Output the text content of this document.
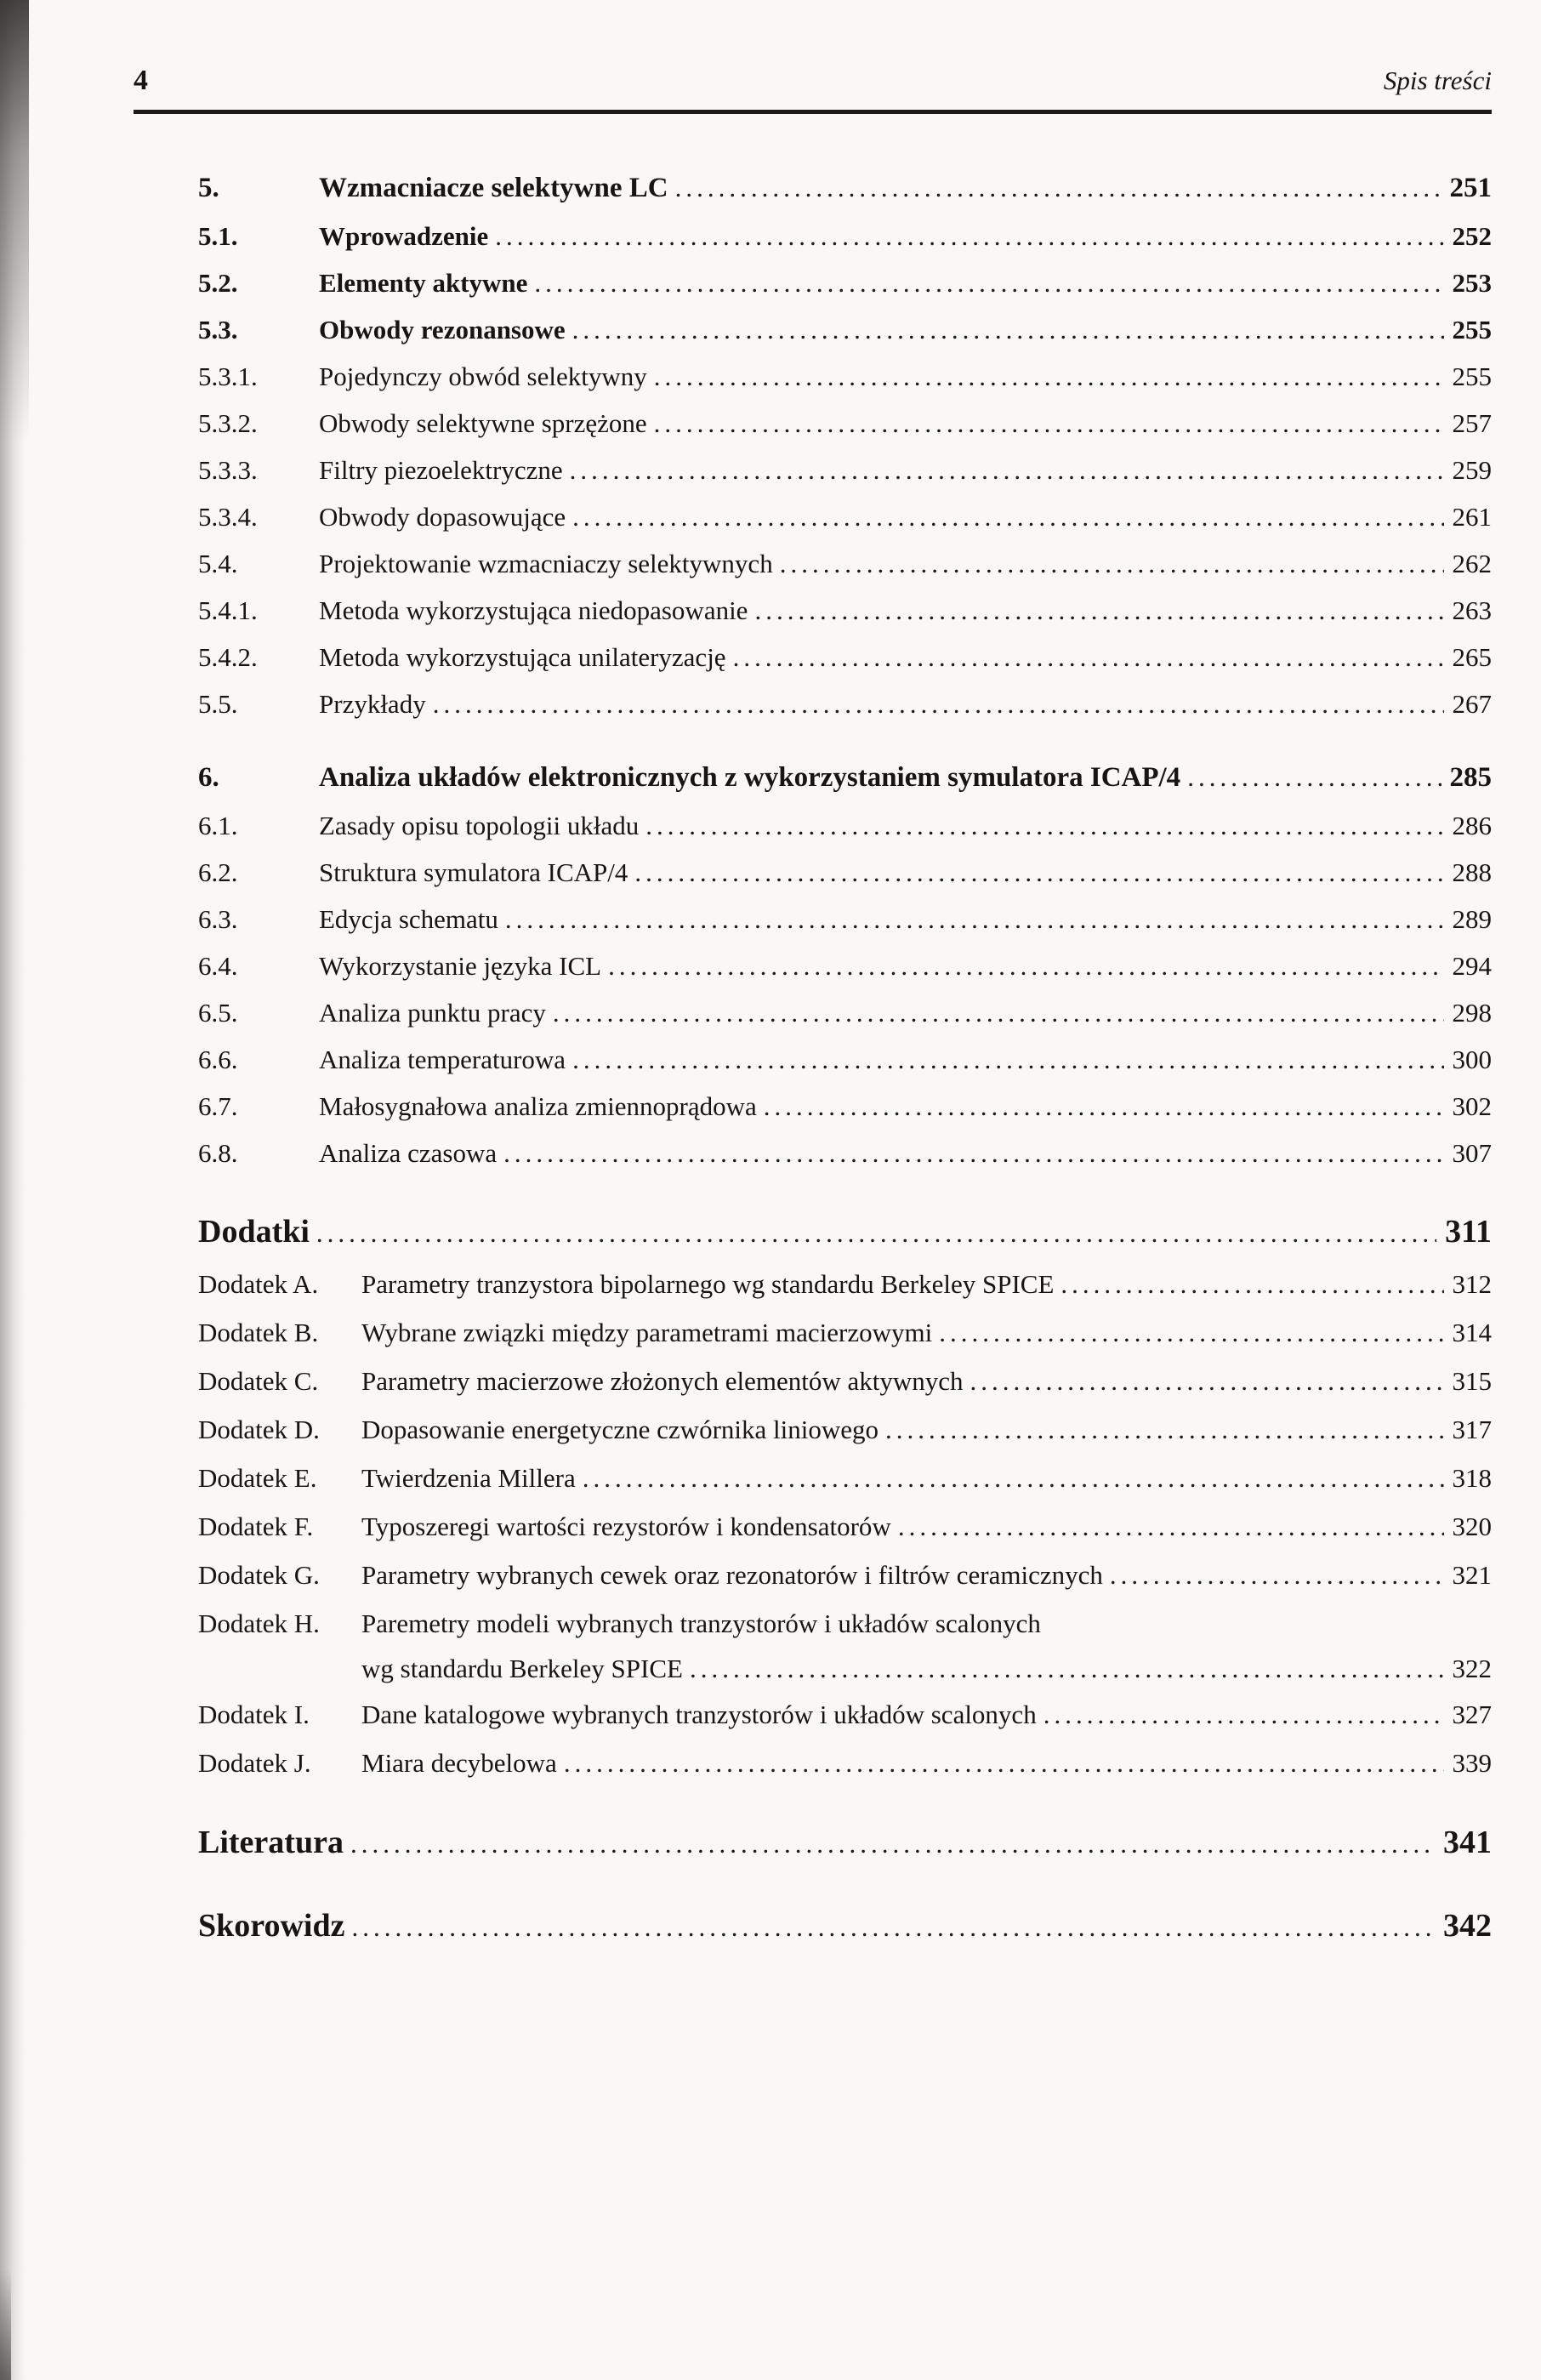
4	Spis treści
5.	Wzmacniacze selektywne LC .....	251
5.1.	Wprowadzenie .....	252
5.2.	Elementy aktywne .....	253
5.3.	Obwody rezonansowe .....	255
5.3.1.	Pojedynczy obwód selektywny .....	255
5.3.2.	Obwody selektywne sprzężone .....	257
5.3.3.	Filtry piezoelektryczne .....	259
5.3.4.	Obwody dopasowujące .....	261
5.4.	Projektowanie wzmacniaczy selektywnych .....	262
5.4.1.	Metoda wykorzystująca niedopasowanie .....	263
5.4.2.	Metoda wykorzystująca unilateryzację .....	265
5.5.	Przykłady .....	267
6.	Analiza układów elektronicznych z wykorzystaniem symulatora ICAP/4 .....	285
6.1.	Zasady opisu topologii układu .....	286
6.2.	Struktura symulatora ICAP/4 .....	288
6.3.	Edycja schematu .....	289
6.4.	Wykorzystanie języka ICL .....	294
6.5.	Analiza punktu pracy .....	298
6.6.	Analiza temperaturowa .....	300
6.7.	Małosygnałowa analiza zmiennoprądowa .....	302
6.8.	Analiza czasowa .....	307
Dodatki .....	311
Dodatek A.	Parametry tranzystora bipolarnego wg standardu Berkeley SPICE .....	312
Dodatek B.	Wybrane związki między parametrami macierzowymi .....	314
Dodatek C.	Parametry macierzowe złożonych elementów aktywnych .....	315
Dodatek D.	Dopasowanie energetyczne czwórnika liniowego .....	317
Dodatek E.	Twierdzenia Millera .....	318
Dodatek F.	Typoszeregi wartości rezystorów i kondensatorów .....	320
Dodatek G.	Parametry wybranych cewek oraz rezonatorów i filtrów ceramicznych .....	321
Dodatek H.	Paremetry modeli wybranych tranzystorów i układów scalonych
wg standardu Berkeley SPICE .....	322
Dodatek I.	Dane katalogowe wybranych tranzystorów i układów scalonych .....	327
Dodatek J.	Miara decybelowa .....	339
Literatura .....	341
Skorowidz .....	342
